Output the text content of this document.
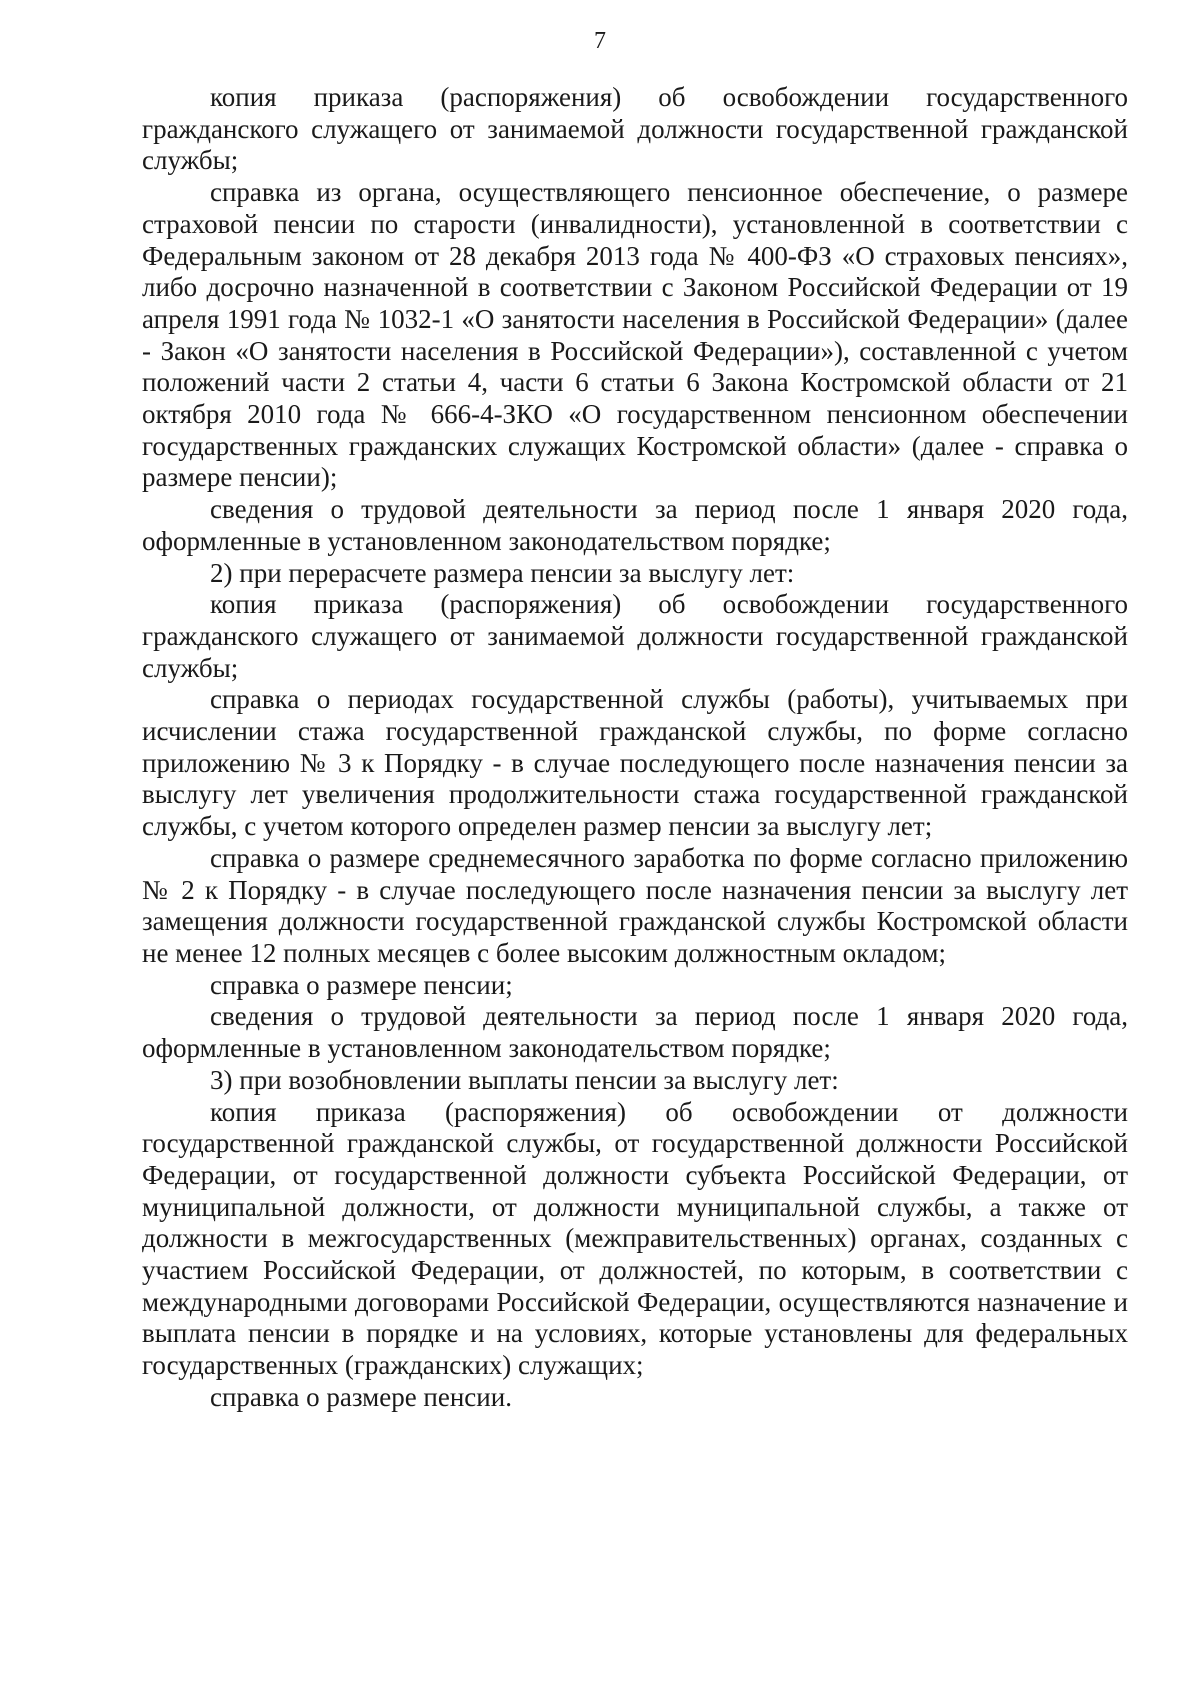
7

копия приказа (распоряжения) об освобождении государственного гражданского служащего от занимаемой должности государственной гражданской службы;

справка из органа, осуществляющего пенсионное обеспечение, о размере страховой пенсии по старости (инвалидности), установленной в соответствии с Федеральным законом от 28 декабря 2013 года № 400-ФЗ «О страховых пенсиях», либо досрочно назначенной в соответствии с Законом Российской Федерации от 19 апреля 1991 года № 1032-1 «О занятости населения в Российской Федерации» (далее - Закон «О занятости населения в Российской Федерации»), составленной с учетом положений части 2 статьи 4, части 6 статьи 6 Закона Костромской области от 21 октября 2010 года № 666-4-ЗКО «О государственном пенсионном обеспечении государственных гражданских служащих Костромской области» (далее - справка о размере пенсии);

сведения о трудовой деятельности за период после 1 января 2020 года, оформленные в установленном законодательством порядке;

2) при перерасчете размера пенсии за выслугу лет:

копия приказа (распоряжения) об освобождении государственного гражданского служащего от занимаемой должности государственной гражданской службы;

справка о периодах государственной службы (работы), учитываемых при исчислении стажа государственной гражданской службы, по форме согласно приложению № 3 к Порядку - в случае последующего после назначения пенсии за выслугу лет увеличения продолжительности стажа государственной гражданской службы, с учетом которого определен размер пенсии за выслугу лет;

справка о размере среднемесячного заработка по форме согласно приложению № 2 к Порядку - в случае последующего после назначения пенсии за выслугу лет замещения должности государственной гражданской службы Костромской области не менее 12 полных месяцев с более высоким должностным окладом;

справка о размере пенсии;

сведения о трудовой деятельности за период после 1 января 2020 года, оформленные в установленном законодательством порядке;

3) при возобновлении выплаты пенсии за выслугу лет:

копия приказа (распоряжения) об освобождении от должности государственной гражданской службы, от государственной должности Российской Федерации, от государственной должности субъекта Российской Федерации, от муниципальной должности, от должности муниципальной службы, а также от должности в межгосударственных (межправительственных) органах, созданных с участием Российской Федерации, от должностей, по которым, в соответствии с международными договорами Российской Федерации, осуществляются назначение и выплата пенсии в порядке и на условиях, которые установлены для федеральных государственных (гражданских) служащих;

справка о размере пенсии.
